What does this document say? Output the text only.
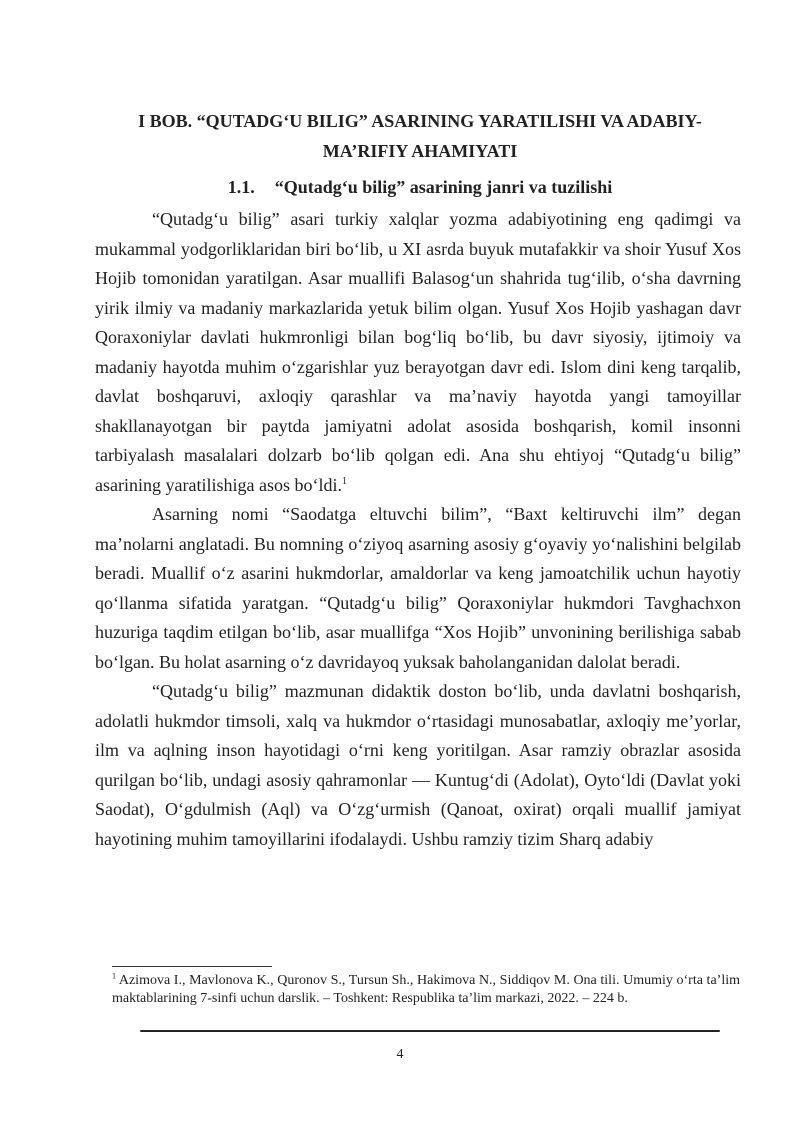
I BOB. “QUTADG‘U BILIG” ASARINING YARATILISHI VA ADABIY-MA’RIFIY AHAMIYATI
1.1. “Qutadg‘u bilig” asarining janri va tuzilishi

“Qutadg‘u bilig” asari turkiy xalqlar yozma adabiyotining eng qadimgi va mukammal yodgorliklaridan biri bo‘lib, u XI asrda buyuk mutafakkir va shoir Yusuf Xos Hojib tomonidan yaratilgan. Asar muallifi Balasog‘un shahrida tug‘ilib, o‘sha davrning yirik ilmiy va madaniy markazlarida yetuk bilim olgan. Yusuf Xos Hojib yashagan davr Qoraxoniylar davlati hukmronligi bilan bog‘liq bo‘lib, bu davr siyosiy, ijtimoiy va madaniy hayotda muhim o‘zgarishlar yuz berayotgan davr edi. Islom dini keng tarqalib, davlat boshqaruvi, axloqiy qarashlar va ma’naviy hayotda yangi tamoyillar shakllanayotgan bir paytda jamiyatni adolat asosida boshqarish, komil insonni tarbiyalash masalalari dolzarb bo‘lib qolgan edi. Ana shu ehtiyoj “Qutadg‘u bilig” asarining yaratilishiga asos bo‘ldi.$^1$

Asarning nomi “Saodatga eltuvchi bilim”, “Baxt keltiruvchi ilm” degan ma’nolarni anglatadi. Bu nomning o‘ziyoq asarning asosiy g‘oyaviy yo‘nalishini belgilab beradi. Muallif o‘z asarini hukmdorlar, amaldorlar va keng jamoatchilik uchun hayotiy qo‘llanma sifatida yaratgan. “Qutadg‘u bilig” Qoraxoniylar hukmdori Tavghachxon huzuriga taqdim etilgan bo‘lib, asar muallifga “Xos Hojib” unvonining berilishiga sabab bo‘lgan. Bu holat asarning o‘z davridayoq yuksak baholanganidan dalolat beradi.

“Qutadg‘u bilig” mazmunan didaktik doston bo‘lib, unda davlatni boshqarish, adolatli hukmdor timsoli, xalq va hukmdor o‘rtasidagi munosabatlar, axloqiy me’yorlar, ilm va aqlning inson hayotidagi o‘rni keng yoritilgan. Asar ramziy obrazlar asosida qurilgan bo‘lib, undagi asosiy qahramonlar — Kuntug‘di (Adolat), Oyto‘ldi (Davlat yoki Saodat), O‘gdulmish (Aql) va O‘zg‘urmish (Qanoat, oxirat) orqali muallif jamiyat hayotining muhim tamoyillarini ifodalaydi. Ushbu ramziy tizim Sharq adabiy

$^1$ Azimova I., Mavlonova K., Quronov S., Tursun Sh., Hakimova N., Siddiqov M. Ona tili. Umumiy o‘rta ta’lim maktablarining 7-sinfi uchun darslik. – Toshkent: Respublika ta’lim markazi, 2022. – 224 b.
4
